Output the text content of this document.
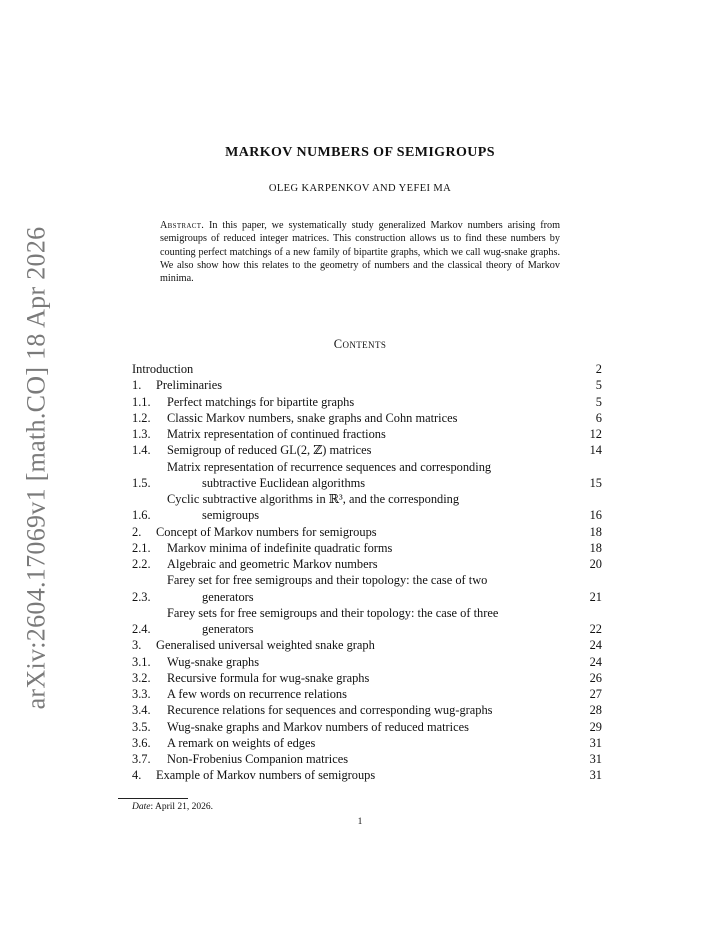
arXiv:2604.17069v1 [math.CO] 18 Apr 2026
MARKOV NUMBERS OF SEMIGROUPS
OLEG KARPENKOV AND YEFEI MA
Abstract. In this paper, we systematically study generalized Markov numbers arising from semigroups of reduced integer matrices. This construction allows us to find these numbers by counting perfect matchings of a new family of bipartite graphs, which we call wug-snake graphs. We also show how this relates to the geometry of numbers and the classical theory of Markov minima.
Contents
Introduction	2
1.	Preliminaries	5
1.1.	Perfect matchings for bipartite graphs	5
1.2.	Classic Markov numbers, snake graphs and Cohn matrices	6
1.3.	Matrix representation of continued fractions	12
1.4.	Semigroup of reduced GL(2, ℤ) matrices	14
1.5.
Matrix representation of recurrence sequences and corresponding
subtractive Euclidean algorithms	15
1.6.
Cyclic subtractive algorithms in ℝ³, and the corresponding
semigroups	16
2.	Concept of Markov numbers for semigroups	18
2.1.	Markov minima of indefinite quadratic forms	18
2.2.	Algebraic and geometric Markov numbers	20
2.3.
Farey set for free semigroups and their topology: the case of two
generators	21
2.4.
Farey sets for free semigroups and their topology: the case of three
generators	22
3.	Generalised universal weighted snake graph	24
3.1.	Wug-snake graphs	24
3.2.	Recursive formula for wug-snake graphs	26
3.3.	A few words on recurrence relations	27
3.4.	Recurence relations for sequences and corresponding wug-graphs	28
3.5.	Wug-snake graphs and Markov numbers of reduced matrices	29
3.6.	A remark on weights of edges	31
3.7.	Non-Frobenius Companion matrices	31
4.	Example of Markov numbers of semigroups	31
Date: April 21, 2026.
1
